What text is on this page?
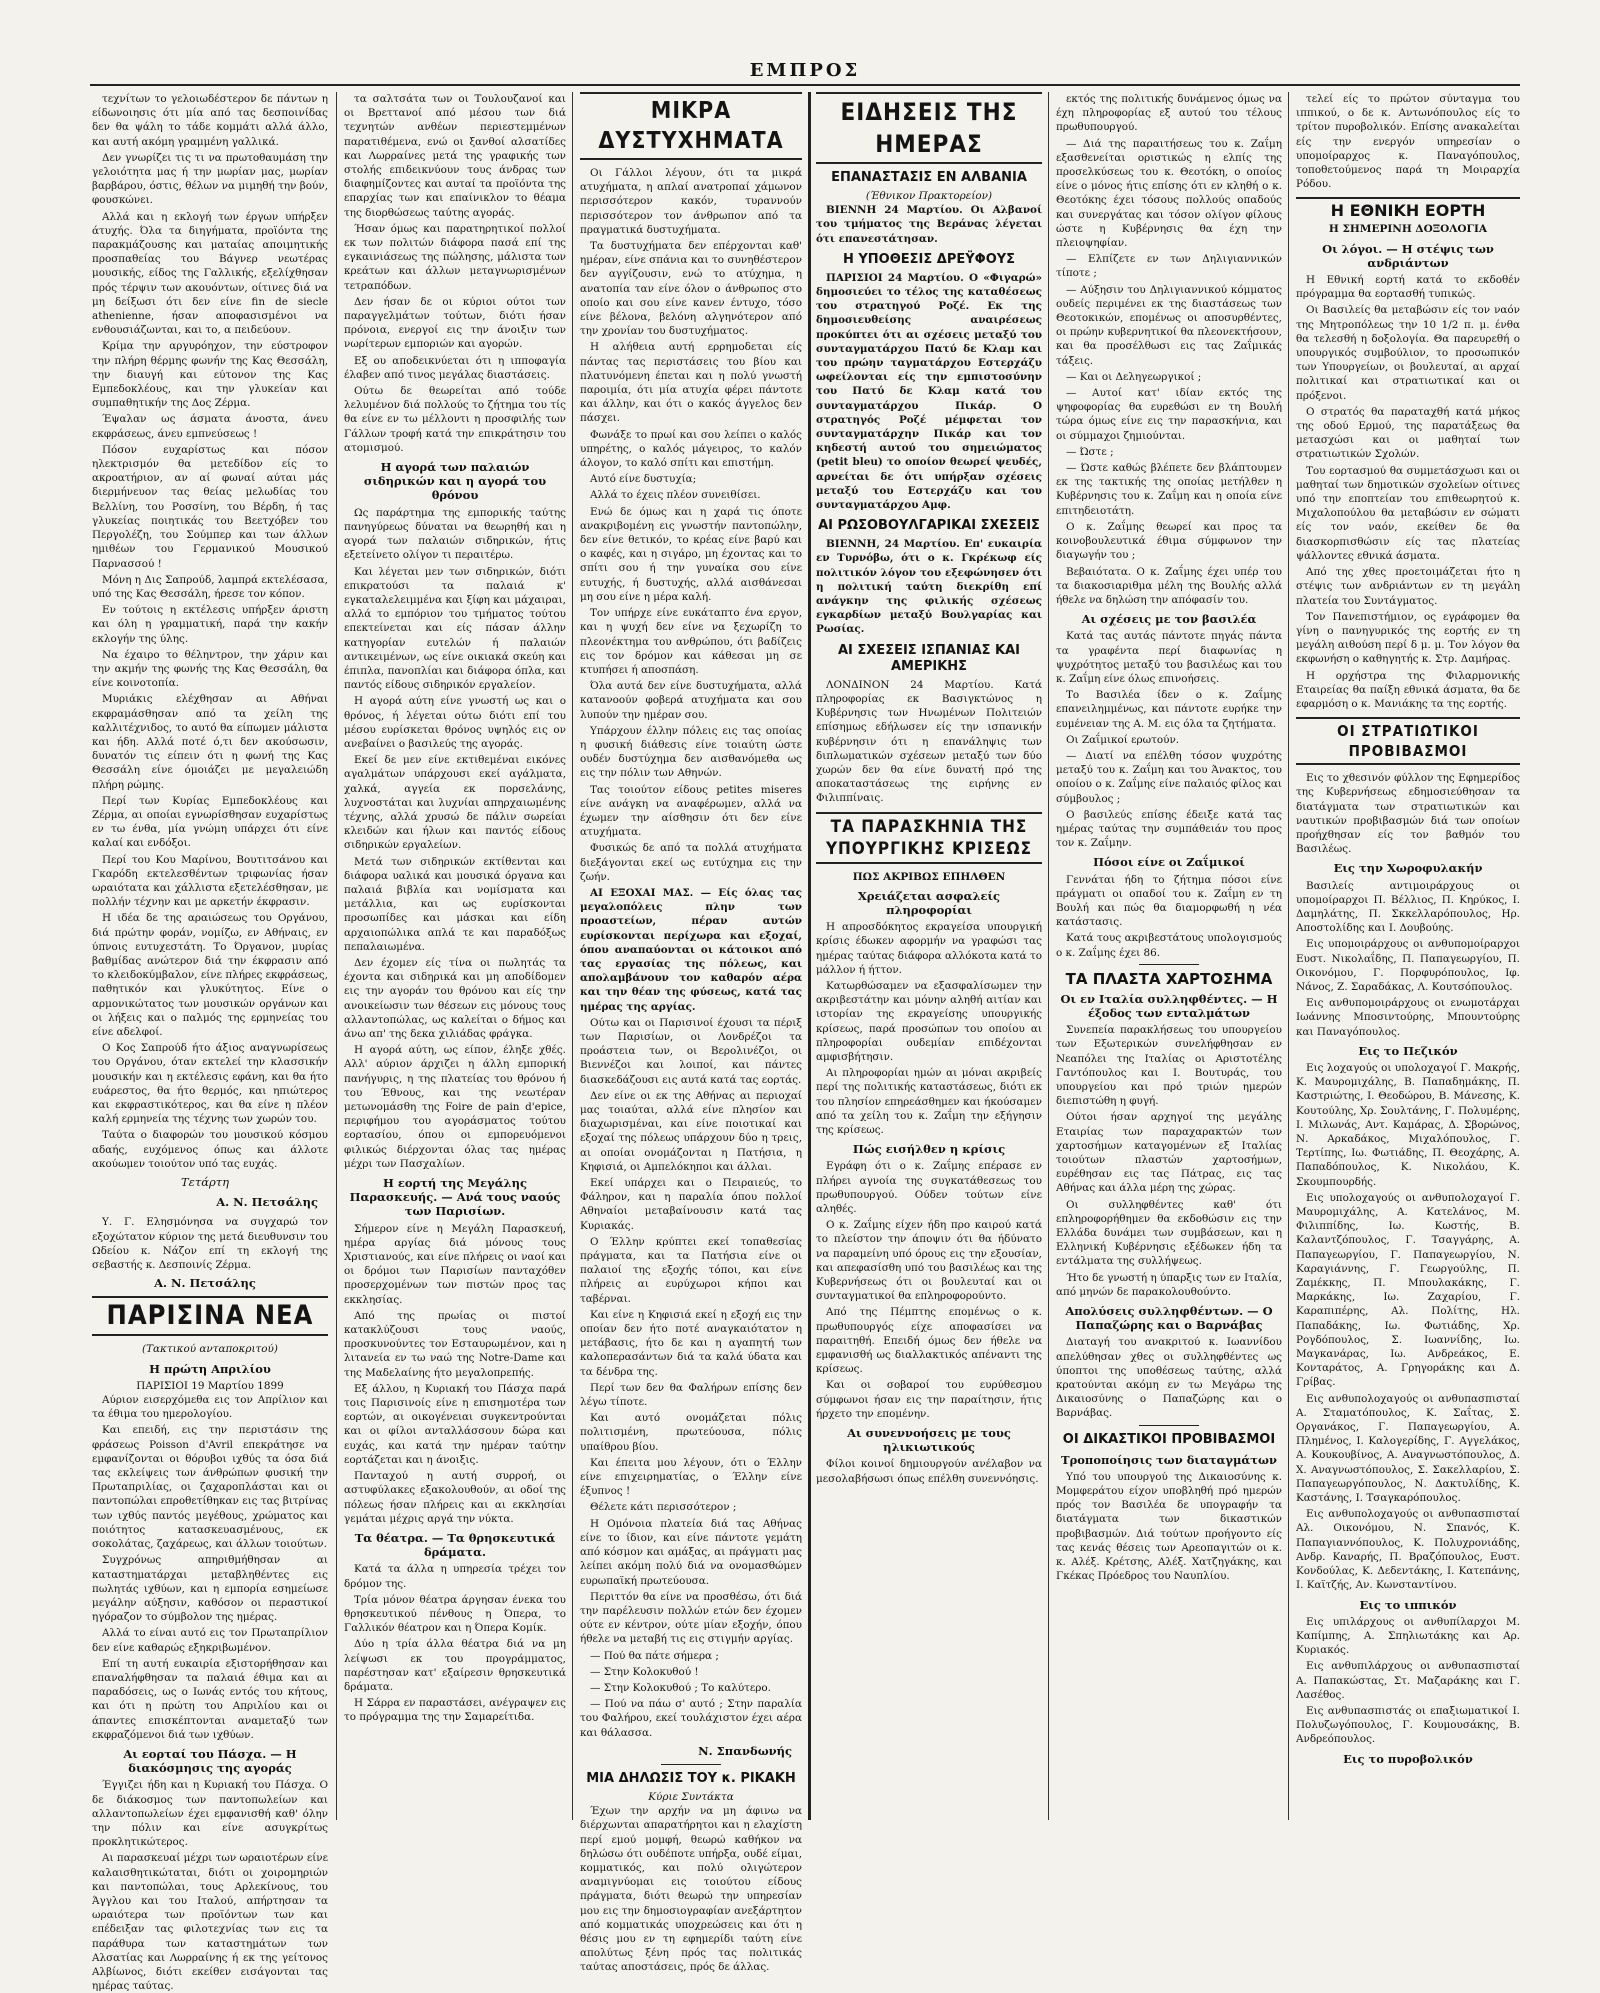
ΕΜΠΡΟΣ

τεχνίτων το γελοιωδέστερον δε πάντων η είδωνοιησις ότι μία από τας δεσποινίδας δεν θα ψάλη το τάδε κομμάτι αλλά άλλο, και αυτή ακόμη γραμμένη γαλλικά.

Δεν γνωρίζει τις τι να πρωτοθαυμάση την γελοιότητα μας ή την μωρίαν μας, μωρίαν βαρβάρου, όστις, θέλων να μιμηθή την βούν, φουσκώνει.

Αλλά και η εκλογή των έργων υπήρξεν άτυχής. Όλα τα διηγήματα, προϊόντα της παρακμάζουσης και ματαίας αποιμητικής προσπαθείας του Βάγνερ νεωτέρας μουσικής, είδος της Γαλλικής, εξελίχθησαν πρός τέρψιν των ακουόντων, οίτινες διά να μη δείξωσι ότι δεν είνε fin de siecle athenienne, ήσαν αποφασισμένοι να ενθουσιάζωνται, και το, α πειδεύουν.

Κρίμα την αργυρόηχον, την εύστροφον την πλήρη θέρμης φωνήν της Κας Θεσσάλη, την διαυγή και εύτονον της Κας Εμπεδοκλέους, και την γλυκείαν και συμπαθητικήν της Δος Ζέρμα.

Έψαλαν ως άσματα άνοστα, άνευ εκφράσεως, άνευ εμπνεύσεως !

Πόσον ευχαρίστως και πόσον ηλεκτρισμόν θα μετεδίδον είς το ακροατήριον, αν αί φωναί αύται μάς διερμήνευον τας θείας μελωδίας του Βελλίνη, του Ροσσίνη, του Βέρδη, ή τας γλυκείας ποιητικάς του Βεετχόβεν του Περγολέζη, του Σούμπερ και των άλλων ημιθέων του Γερμανικού Μουσικού Παρνασσού !

Μόνη η Δις Σαπρούδ, λαμπρά εκτελέσασα, υπό της Κας Θεσσάλη, ήρεσε τον κόπον.

Εν τούτοις η εκτέλεσις υπήρξεν άριστη και όλη η γραμματική, παρά την κακήν εκλογήν της ύλης.

Να έχαιρο το θέληντρον, την χάριν και την ακμήν της φωνής της Κας Θεσσάλη, θα είνε κοινοτοπία.

Μυριάκις ελέχθησαν αι Αθήναι εκφραμάσθησαν από τα χείλη της καλλιτέχνιδος, το αυτό θα είπωμεν μάλιστα και ήδη. Αλλά ποτέ ό,τι δεν ακούσωσιν, δυνατόν τις είπειν ότι η φωνή της Κας Θεσσάλη είνε όμοιάζει με μεγαλειώδη πλήρη ρώμης.

Περί των Κυρίας Εμπεδοκλέους και Ζέρμα, αι οποίαι εγνωρίσθησαν ευχαρίστως εν τω ένθα, μία γνώμη υπάρχει ότι είνε καλαί και ενδόξοι.

Περί του Κου Μαρίνου, Βουτιτσάνου και Γκαρόδη εκτελεσθέντων τριφωνίας ήσαν ωραιότατα και χάλλιστα εξετελέσθησαν, με πολλήν τέχνην και με αρκετήν έκφρασιν.

Η ιδέα δε της αραιώσεως του Οργάνου, διά πρώτην φοράν, νομίζω, εν Αθήναις, εν ύπνοις ευτυχεστάτη. Το Όργανον, μυρίας βαθμίδας ανώτερον διά την έκφρασιν από το κλειδοκύμβαλον, είνε πλήρες εκφράσεως, παθητικόν και γλυκύτητος. Είνε ο αρμονικώτατος των μουσικών οργάνων και οι λήξεις και ο παλμός της ερμηνείας του είνε αδελφοί.

Ο Κος Σαπρούδ ήτο άξιος αναγνωρίσεως του Οργάνου, όταν εκτελεί την κλασσικήν μουσικήν και η εκτέλεσις εφάνη, και θα ήτο ευάρεστος, θα ήτο θερμός, και ηπιώτερος και εκφραστικότερος, και θα είνε η πλέον καλή ερμηνεία της τέχνης των χωρών του.

Ταύτα ο διαφορών του μουσικού κόσμου αδαής, ευχόμενος όπως και άλλοτε ακούωμεν τοιούτον υπό τας ευχάς.

Τετάρτη
Α. Ν. Πετσάλης

Υ. Γ. Ελησμόνησα να συγχαρώ τον εξοχώτατον κύριον της μετά διευθυνσιν του Ωδείου κ. Νάζον επί τη εκλογή της σεβαστής κ. Δεσποινίς Ζέρμα.

Α. Ν. Πετσάλης
ΠΑΡΙΣΙΝΑ ΝΕΑ
(Τακτικού ανταποκριτού)
Η πρώτη Απριλίου
ΠΑΡΙΣΙΟΙ 19 Μαρτίου 1899

Αύριον εισερχόμεθα εις τον Απρίλιον και τα έθιμα του ημερολογίου.

Και επειδή, εις την περιστάσιν της φράσεως Poisson d'Avril επεκράτησε να εμφανίζονται οι θόρυβοι ιχθύς τα όσα διά τας εκλείψεις των άνθρώπων φυσική την Πρωταπριλίας, οι ζαχαροπλάσται και οι παντοπώλαι επροθετίθηκαν εις τας βιτρίνας των ιχθύς παντός μεγέθους, χρώματος και ποιότητος κατασκευασμένους, εκ σοκολάτας, ζαχάρεως, και άλλων τοιούτων.

Συγχρόνως απηριθμήθησαν αι καταστηματάρχαι μεταβληθέντες εις πωλητάς ιχθύων, και η εμπορία εσημείωσε μεγάλην αύξησιν, καθόσον οι περαστικοί ηγόραζον το σύμβολον της ημέρας.

Αλλά το είναι αυτό εις τον Πρωταπρίλιον δεν είνε καθαρώς εξηκριβωμένον.

Επί τη αυτή ευκαιρία εξιστορήθησαν και επαναλήφθησαν τα παλαιά έθιμα και αι παραδόσεις, ως ο Ιωνάς εντός του κήτους, και ότι η πρώτη του Απριλίου και οι άπαντες επισκέπτονται αναμεταξύ των εκφραζόμενοι διά των ιχθύων.

Αι εορταί του Πάσχα. — Η διακόσμησις της αγοράς

Έγγιζει ήδη και η Κυριακή του Πάσχα. Ο δε διάκοσμος των παντοπωλείων και αλλαντοπωλείων έχει εμφανισθή καθ' όλην την πόλιν και είνε ασυγκρίτως προκλητικώτερος.

Αι παρασκευαί μέχρι των ωραιοτέρων είνε καλαισθητικώταται, διότι οι χοιρομηριών και παντοπώλαι, τους Αρλεκίνους, του Άγγλου και του Ιταλού, απήρτησαν τα ωραιότερα των προϊόντων των και επέδειξαν τας φιλοτεχνίας των εις τα παράθυρα των καταστημάτων των Αλσατίας και Λωρραίνης ή εκ της γείτονος Αλβίωνος, διότι εκείθεν εισάγονται τας ημέρας ταύτας.

τα σαλτσάτα των οι Τουλουζανοί και οι Βρεττανοί από μέσου των διά τεχνητών ανθέων περιεστεμμένων παρατιθέμενα, ενώ οι ξανθοί αλσατίδες και Λωρραίνες μετά της γραφικής των στολής επιδεικνύουν τους άνδρας των διαφημίζοντες και αυταί τα προϊόντα της επαρχίας των και επαίνικλον το θέαμα της διορθώσεως ταύτης αγοράς.

Ήσαν όμως και παρατηρητικοί πολλοί εκ των πολιτών διάφορα πασά επί της εγκαινιάσεως της πώλησης, μάλιστα των κρεάτων και άλλων μεταγνωρισμένων τετραπόδων.

Δεν ήσαν δε οι κύριοι ούτοι των παραγγελμάτων τούτων, διότι ήσαν πρόνοια, ενεργοί εις την άνοιξιν των νωρίτερων εμποριών και αγορών.

Εξ ου αποδεικνύεται ότι η ιπποφαγία έλαβεν από τινος μεγάλας διαστάσεις.

Ούτω δε θεωρείται από τούδε λελυμένον διά πολλούς το ζήτημα του τίς θα είνε εν τω μέλλοντι η προσφιλής των Γάλλων τροφή κατά την επικράτησιν του ατομισμού.

Η αγορά των παλαιών σιδηρικών και η αγορά του θρόνου

Ως παράρτημα της εμπορικής ταύτης πανηγύρεως δύναται να θεωρηθή και η αγορά των παλαιών σιδηρικών, ήτις εξετείνετο ολίγον τι περαιτέρω.

Και λέγεται μεν των σιδηρικών, διότι επικρατούσι τα παλαιά κ' εγκαταλελειμμένα και ξίφη και μάχαιραι, αλλά το εμπόριον του τμήματος τούτου επεκτείνεται και είς πάσαν άλλην κατηγορίαν ευτελών ή παλαιών αντικειμένων, ως είνε οικιακά σκεύη και έπιπλα, πανοπλίαι και διάφορα όπλα, και παντός είδους σιδηρικόν εργαλείον.

Η αγορά αύτη είνε γνωστή ως και ο θρόνος, ή λέγεται ούτω διότι επί του μέσου ευρίσκεται θρόνος υψηλός εις ον ανεβαίνει ο βασιλεύς της αγοράς.

Εκεί δε μεν είνε εκτιθεμέναι εικόνες αγαλμάτων υπάρχουσι εκεί αγάλματα, χαλκά, αγγεία εκ πορσελάνης, λυχνοστάται και λυχνίαι απηρχαιωμένης τέχνης, αλλά χρυσώ δε πάλιν σωρείαι κλειδών και ήλων και παντός είδους σιδηρικών εργαλείων.

Μετά των σιδηρικών εκτίθενται και διάφορα υαλικά και μουσικά όργανα και παλαιά βιβλία και νομίσματα και μετάλλια, και ως ευρίσκονται προσωπίδες και μάσκαι και είδη αρχαιοπώλικα απλά τε και παραδόξως πεπαλαιωμένα.

Δεν έχομεν είς τίνα οι πωλητάς τα έχοντα και σιδηρικά και μη αποδίδομεν εις την αγοράν του θρόνου και είς την ανοικείωσιν των θέσεων εις μόνους τους αλλαντοπώλας, ως καλείται ο δήμος και άνω απ' της δεκα χιλιάδας φράγκα.

Η αγορά αύτη, ως είπον, έληξε χθές. Αλλ' αύριον άρχιζει η άλλη εμπορική πανήγυρις, η της πλατείας του θρόνου ή του Έθνους, και της νεωτέραν μετωνομάσθη της Foire de pain d'epice, περιφήμου του αγοράσματος τούτου εορτασίου, όπου οι εμπορευόμενοι φιλικώς διέρχονται όλας τας ημέρας μέχρι των Πασχαλίων.

Η εορτή της Μεγάλης Παρασκευής. — Ανά τους ναούς των Παρισίων.

Σήμερον είνε η Μεγάλη Παρασκευή, ημέρα αργίας διά μόνους τους Χριστιανούς, και είνε πλήρεις οι ναοί και οι δρόμοι των Παρισίων πανταχόθεν προσερχομένων των πιστών προς τας εκκλησίας.

Από της πρωίας οι πιστοί κατακλύζουσι τους ναούς, προσκυνούντες τον Εσταυρωμένον, και η λιτανεία εν τω ναώ της Notre-Dame και της Μαδελαίνης ήτο μεγαλοπρεπής.

Εξ άλλου, η Κυριακή του Πάσχα παρά τοις Παρισινοίς είνε η επισημοτέρα των εορτών, αι οικογένειαι συγκεντρούνται και οι φίλοι ανταλλάσσουν δώρα και ευχάς, και κατά την ημέραν ταύτην εορτάζεται και η άνοιξις.

Πανταχού η αυτή συρροή, οι αστυφύλακες εξακολουθούν, αι οδοί της πόλεως ήσαν πλήρεις και αι εκκλησίαι γεμάται μέχρις αργά την νύκτα.

Τα θέατρα. — Τα θρησκευτικά δράματα.

Κατά τα άλλα η υπηρεσία τρέχει τον δρόμον της.

Τρία μόνον θέατρα άργησαν ένεκα του θρησκευτικού πένθους η Όπερα, το Γαλλικόν θέατρον και η Όπερα Κομίκ.

Δύο η τρία άλλα θέατρα διά να μη λείψωσι εκ του προγράμματος, παρέστησαν κατ' εξαίρεσιν θρησκευτικά δράματα.

Η Σάρρα εν παραστάσει, ανέγραψεν εις το πρόγραμμα της την Σαμαρείτιδα.

ΜΙΚΡΑ ΔΥΣΤΥΧΗΜΑΤΑ

Οι Γάλλοι λέγουν, ότι τα μικρά ατυχήματα, η απλαί ανατροπαί χάμωνον περισσότερον κακόν, τυραννούν περισσότερον τον άνθρωπον από τα πραγματικά δυστυχήματα.

Τα δυστυχήματα δεν επέρχονται καθ' ημέραν, είνε σπάνια και το συνηθέστερον δεν αγγίζουσιν, ενώ το ατύχημα, η ανατοπία ταν είνε όλον ο άνθρωπος στο οποίο και σου είνε κανεν έντυχο, τόσο είνε βέλονα, βελόνη αλγηνότερον από την χρονίαν του δυστυχήματος.

Η αλήθεια αυτή ερρημοδεται είς πάντας τας περιστάσεις του βίου και πλατυνόμενη έπεται και η πολύ γνωστή παροιμία, ότι μία ατυχία φέρει πάντοτε και άλλην, και ότι ο κακός άγγελος δεν πάσχει.

Φωνάξε το πρωί και σου λείπει ο καλός υπηρέτης, ο καλός μάγειρος, το καλόν άλογον, το καλό σπίτι και επιστήμη.

Αυτό είνε δυστυχία;

Αλλά το έχεις πλέον συνειθίσει.

Ενώ δε όμως και η χαρά τις όποτε ανακριβομένη εις γνωστήν παντοπώλην, δεν είνε θετικόν, το κρέας είνε βαρύ και ο καφές, και η σιγάρο, μη έχοντας και το σπίτι σου ή την γυναίκα σου είνε ευτυχής, ή δυστυχής, αλλά αισθάνεσαι μη σου είνε η μέρα καλή.

Τον υπήρχε είνε ευκάταπτο ένα εργον, και η ψυχή δεν είνε να ξεχωρίζη το πλεονέκτημα του ανθρώπου, ότι βαδίζεις εις τον δρόμον και κάθεσαι μη σε κτυπήσει ή αποσπάση.

Όλα αυτά δεν είνε δυστυχήματα, αλλά κατανοούν φοβερά ατυχήματα και σου λυπούν την ημέραν σου.

Υπάρχουν έλλην πόλεις εις τας οποίας η φυσική διάθεσις είνε τοιαύτη ώστε ουδέν δυστύχημα δεν αισθανόμεθα ως εις την πόλιν των Αθηνών.

Τας τοιούτον είδους petites miseres είνε ανάγκη να αναφέρωμεν, αλλά να έχωμεν την αίσθησιν ότι δεν είνε ατυχήματα.

Φυσικώς δε από τα πολλά ατυχήματα διεξάγονται εκεί ως ευτύχημα εις την ζωήν.

ΑΙ ΕΞΟΧΑΙ ΜΑΣ. — Είς όλας τας μεγαλοπόλεις πλην των προαστείων, πέραν αυτών ευρίσκονται περίχωρα και εξοχαί, όπου αναπαύονται οι κάτοικοι από τας εργασίας της πόλεως, και απολαμβάνουν τον καθαρόν αέρα και την θέαν της φύσεως, κατά τας ημέρας της αργίας.

Ούτω και οι Παρισινοί έχουσι τα πέριξ των Παρισίων, οι Λονδρέζοι τα προάστεια των, οι Βερολινέζοι, οι Βιεννέζοι και λοιποί, και πάντες διασκεδάζουσι εις αυτά κατά τας εορτάς.

Δεν είνε οι εκ της Αθήνας αι περιοχαί μας τοιαύται, αλλά είνε πλησίον και διαχωρισμέναι, και είνε ποιοτικαί και εξοχαί της πόλεως υπάρχουν δύο η τρεις, αι οποίαι ονομάζονται η Πατήσια, η Κηφισιά, οι Αμπελόκηποι και άλλαι.

Εκεί υπάρχει και ο Πειραιεύς, το Φάληρον, και η παραλία όπου πολλοί Αθηναίοι μεταβαίνουσιν κατά τας Κυριακάς.

Ο Έλλην κρύπτει εκεί τοπαθεσίας πράγματα, και τα Πατήσια είνε οι παλαιοί της εξοχής τόποι, και είνε πλήρεις αι ευρύχωροι κήποι και ταβέρναι.

Και είνε η Κηφισιά εκεί η εξοχή εις την οποίαν δεν ήτο ποτέ αναγκαιότατον η μετάβασις, ήτο δε και η αγαπητή των καλοπερασάντων διά τα καλά ύδατα και τα δένδρα της.

Περί των δεν θα Φαλήρων επίσης δεν λέγω τίποτε.

Και αυτό ονομάζεται πόλις πολιτισμένη, πρωτεύουσα, πόλις υπαίθρου βίου.

Και έπειτα μου λέγουν, ότι ο Έλλην είνε επιχειρηματίας, ο Έλλην είνε έξυπνος !

Θέλετε κάτι περισσότερον ;

Η Ομόνοια πλατεία διά τας Αθήνας είνε το ίδιον, και είνε πάντοτε γεμάτη από κόσμον και αμάξας, αι πράγματι μας λείπει ακόμη πολύ διά να ονομασθώμεν ευρωπαϊκή πρωτεύουσα.

Περιττόν θα είνε να προσθέσω, ότι διά την παρέλευσιν πολλών ετών δεν έχομεν ούτε εν κέντρον, ούτε μίαν εξοχήν, όπου ήθελε να μεταβή τις εις στιγμήν αργίας.

— Πού θα πάτε σήμερα ;

— Στην Κολοκυθού !

— Στην Κολοκυθού ; Το καλύτερο.

— Πού να πάω σ' αυτό ; Στην παραλία του Φαλήρου, εκεί τουλάχιστον έχει αέρα και θάλασσα.

Ν. Σπανδωνής
ΜΙΑ ΔΗΛΩΣΙΣ ΤΟΥ κ. ΡΙΚΑΚΗ
Κύριε Συντάκτα

Έχων την αρχήν να μη άφινω να διέρχωνται απαρατήρητοι και η ελαχίστη περί εμού μομφή, θεωρώ καθήκον να δηλώσω ότι ουδέποτε υπήρξα, ουδέ είμαι, κομματικός, και πολύ ολιγώτερον αναμιγνύομαι εις τοιούτου είδους πράγματα, διότι θεωρώ την υπηρεσίαν μου εις την δημοσιογραφίαν ανεξάρτητον από κομματικάς υποχρεώσεις και ότι η θέσις μου εν τη εφημερίδι ταύτη είνε απολύτως ξένη πρός τας πολιτικάς ταύτας αποστάσεις, πρός δε άλλας.

ΕΙΔΗΣΕΙΣ ΤΗΣ ΗΜΕΡΑΣ
ΕΠΑΝΑΣΤΑΣΙΣ ΕΝ ΑΛΒΑΝΙΑ
(Έθνικον Πρακτορείον)

ΒΙΕΝΝΗ 24 Μαρτίου. Οι Αλβανοί του τμήματος της Βεράνας λέγεται ότι επανεστάτησαν.

Η ΥΠΟΘΕΣΙΣ ΔΡΕΫΦΟΥΣ

ΠΑΡΙΣΙΟΙ 24 Μαρτίου. Ο «Φιγαρώ» δημοσιεύει το τέλος της καταθέσεως του στρατηγού Ροζέ. Εκ της δημοσιευθείσης αναιρέσεως προκύπτει ότι αι σχέσεις μεταξύ του συνταγματάρχου Πατύ δε Κλαμ και του πρώην ταγματάρχου Εστερχάζυ ωφείλονται είς την εμπιστοσύνην του Πατύ δε Κλαμ κατά του συνταγματάρχου Πικάρ. Ο στρατηγός Ροζέ μέμφεται τον συνταγματάρχην Πικάρ και τον κηδεστή αυτού του σημειώματος (petit bleu) το οποίον θεωρεί ψευδές, αρνείται δε ότι υπήρξαν σχέσεις μεταξύ του Εστερχάζυ και του συνταγματάρχου Αμφ.

ΑΙ ΡΩΣΟΒΟΥΛΓΑΡΙΚΑΙ ΣΧΕΣΕΙΣ

ΒΙΕΝΝΗ, 24 Μαρτίου. Επ' ευκαιρία εν Τυρνόβω, ότι ο κ. Γκρέκωφ είς πολιτικόν λόγον του εξεφώνησεν ότι η πολιτική ταύτη διεκρίθη επί ανάγκην της φιλικής σχέσεως εγκαρδίων μεταξύ Βουλγαρίας και Ρωσίας.

ΑΙ ΣΧΕΣΕΙΣ ΙΣΠΑΝΙΑΣ ΚΑΙ ΑΜΕΡΙΚΗΣ

ΛΟΝΔΙΝΟΝ 24 Μαρτίου. Κατά πληροφορίας εκ Βασιγκτώνος η Κυβέρνησις των Ηνωμένων Πολιτειών επίσημως εδήλωσεν είς την ισπανικήν κυβέρνησιν ότι η επανάληψις των διπλωματικών σχέσεων μεταξύ των δύο χωρών δεν θα είνε δυνατή πρό της αποκαταστάσεως της ειρήνης εν Φιλιππίναις.

ΤΑ ΠΑΡΑΣΚΗΝΙΑ ΤΗΣ ΥΠΟΥΡΓΙΚΗΣ ΚΡΙΣΕΩΣ
ΠΩΣ ΑΚΡΙΒΩΣ ΕΠΗΛΘΕΝ
Χρειάζεται ασφαλείς πληροφορίαι

Η απροσδόκητος εκραγείσα υπουργική κρίσις έδωκεν αφορμήν να γραφώσι τας ημέρας ταύτας διάφορα αλλόκοτα κατά το μάλλον ή ήττον.

Κατωρθώσαμεν να εξασφαλίσωμεν την ακριβεστάτην και μόνην αληθή αιτίαν και ιστορίαν της εκραγείσης υπουργικής κρίσεως, παρά προσώπων του οποίου αι πληροφορίαι ουδεμίαν επιδέχονται αμφισβήτησιν.

Αι πληροφορίαι ημών αι μόναι ακριβείς περί της πολιτικής καταστάσεως, διότι εκ του πλησίον επηρεάσθημεν και ήκούσαμεν από τα χείλη του κ. Ζαΐμη την εξήγησιν της κρίσεως.

Πώς εισήλθεν η κρίσις

Εγράφη ότι ο κ. Ζαΐμης επέρασε εν πλήρει αγνοία της συγκατάθεσεως του πρωθυπουργού. Ούδεν τούτων είνε αληθές.

Ο κ. Ζαΐμης είχεν ήδη προ καιρού κατά το πλείστον την άποψιν ότι θα ήδύνατο να παραμείνη υπό όρους εις την εξουσίαν, και απεφασίσθη υπό του βασιλέως και της Κυβερνήσεως ότι οι βουλευταί και οι συνταγματικοί θα επληροφορούντο.

Από της Πέμπτης επομένως ο κ. πρωθυπουργός είχε αποφασίσει να παραιτηθή. Επειδή όμως δεν ήθελε να εμφανισθή ως διαλλακτικός απέναντι της κρίσεως.

Και οι σοβαροί του ευρύθεσμου σύμφωνοι ήσαν εις την παραίτησιν, ήτις ήρχετο την επομένην.

Αι συνεννοήσεις με τους ηλικιωτικούς

Φίλοι κοινοί δημιουργούν ανέλαβον να μεσολαβήσωσι όπως επέλθη συνεννόησις.

εκτός της πολιτικής δυνάμενος όμως να έχη πληροφορίας εξ αυτού του τέλους πρωθυπουργού.

— Διά της παραιτήσεως του κ. Ζαΐμη εξασθενείται οριστικώς η ελπίς της προσελκύσεως του κ. Θεοτόκη, ο οποίος είνε ο μόνος ήτις επίσης ότι εν κληθή ο κ. Θεοτόκης έχει τόσους πολλούς οπαδούς και συνεργάτας και τόσον ολίγον φίλους ώστε η Κυβέρνησις θα έχη την πλειοψηφίαν.

— Ελπίζετε εν των Δηλιγιαννικών τίποτε ;

— Αύξησιν του Δηλιγιαννικού κόμματος ουδείς περιμένει εκ της διαστάσεως των Θεοτοκικών, επομένως οι αποσυρθέντες, οι πρώην κυβερνητικοί θα πλεονεκτήσουν, και θα προσέλθωσι εις τας Ζαΐμικάς τάξεις.

— Και οι Δεληγεωργικοί ;

— Αυτοί κατ' ιδίαν εκτός της ψηφοφορίας θα ευρεθώσι εν τη Βουλή τώρα όμως είνε εις την παρασκήνια, και οι σύμμαχοι ζημιούνται.

— Ώστε ;

— Ώστε καθώς βλέπετε δεν βλάπτουμεν εκ της τακτικής της οποίας μετήλθεν η Κυβέρνησις του κ. Ζαΐμη και η οποία είνε επιτηδειοτάτη.

Ο κ. Ζαΐμης θεωρεί και προς τα κοινοβουλευτικά έθιμα σύμφωνον την διαγωγήν του ;

Βεβαιότατα. Ο κ. Ζαΐμης έχει υπέρ του τα διακοσιαριθμα μέλη της Βουλής αλλά ήθελε να δηλώση την απόφασίν του.

Αι σχέσεις με τον βασιλέα

Κατά τας αυτάς πάντοτε πηγάς πάντα τα γραφέντα περί διαφωνίας η ψυχρότητος μεταξύ του βασιλέως και του κ. Ζαΐμη είνε όλως επινοήσεις.

Το Βασιλέα ίδεν ο κ. Ζαΐμης επανειλημμένως, και πάντοτε ευρήκε την ευμένειαν της Α. Μ. εις όλα τα ζητήματα.

Οι Ζαΐμικοί ερωτούν.

— Διατί να επέλθη τόσον ψυχρότης μεταξύ του κ. Ζαΐμη και του Άνακτος, του οποίου ο κ. Ζαΐμης είνε παλαιός φίλος και σύμβουλος ;

Ο βασιλεύς επίσης έδειξε κατά τας ημέρας ταύτας την συμπάθειάν του προς τον κ. Ζαΐμην.

Πόσοι είνε οι Ζαΐμικοί

Γεννάται ήδη το ζήτημα πόσοι είνε πράγματι οι οπαδοί του κ. Ζαΐμη εν τη Βουλή και πώς θα διαμορφωθή η νέα κατάστασις.

Κατά τους ακριβεστάτους υπολογισμούς ο κ. Ζαΐμης έχει 86.

ΤΑ ΠΛΑΣΤΑ ΧΑΡΤΟΣΗΜΑ
Οι εν Ιταλία συλληφθέντες. — Η έξοδος των ενταλμάτων

Συνεπεία παρακλήσεως του υπουργείου των Εξωτερικών συνελήφθησαν εν Νεαπόλει της Ιταλίας οι Αριστοτέλης Γαντόπουλος και Ι. Βουτυράς, του υπουργείου και πρό τριών ημερών διεπιστώθη η φυγή.

Ούτοι ήσαν αρχηγοί της μεγάλης Εταιρίας των παραχαρακτών των χαρτοσήμων καταγομένων εξ Ιταλίας τοιούτων πλαστών χαρτοσήμων, ευρέθησαν εις τας Πάτρας, εις τας Αθήνας και άλλα μέρη της χώρας.

Οι συλληφθέντες καθ' ότι επληροφορήθημεν θα εκδοθώσιν εις την Ελλάδα δυνάμει των συμβάσεων, και η Ελληνική Κυβέρνησις εξέδωκεν ήδη τα εντάλματα της συλλήψεως.

Ήτο δε γνωστή η ύπαρξις των εν Ιταλία, από μηνών δε παρακολουθούντο.

Απολύσεις συλληφθέντων. — Ο Παπαζώρης και ο Βαρνάβας

Διαταγή του ανακριτού κ. Ιωαννίδου απελύθησαν χθες οι συλληφθέντες ως ύποπτοι της υποθέσεως ταύτης, αλλά κρατούνται ακόμη εν τω Μεγάρω της Δικαιοσύνης ο Παπαζώρης και ο Βαρνάβας.

ΟΙ ΔΙΚΑΣΤΙΚΟΙ ΠΡΟΒΙΒΑΣΜΟΙ
Τροποποίησις των διαταγμάτων

Υπό του υπουργού της Δικαιοσύνης κ. Μομφεράτου είχον υποβληθή πρό ημερών πρός τον Βασιλέα δε υπογραφήν τα διατάγματα των δικαστικών προβιβασμών. Διά τούτων προήγοντο είς τας κενάς θέσεις των Αρεοπαγιτών οι κ. κ. Αλέξ. Κρέτσης, Αλέξ. Χατζηγάκης, και Γκέκας Πρόεδρος του Ναυπλίου.

τελεί είς το πρώτον σύνταγμα του ιππικού, ο δε κ. Αντωνόπουλος είς το τρίτον πυροβολικόν. Επίσης ανακαλείται είς την ενεργόν υπηρεσίαν ο υπομοίραρχος κ. Παναγόπουλος, τοποθετούμενος παρά τη Μοιραρχία Ρόδου.

Η ΕΘΝΙΚΗ ΕΟΡΤΗ
Η ΣΗΜΕΡΙΝΗ ΔΟΞΟΛΟΓΙΑ
Οι λόγοι. — Η στέψις των ανδριάντων

Η Εθνική εορτή κατά το εκδοθέν πρόγραμμα θα εορτασθή τυπικώς.

Οι Βασιλείς θα μεταβώσιν είς τον ναόν της Μητροπόλεως την 10 1/2 π. μ. ένθα θα τελεσθή η δοξολογία. Θα παρευρεθή ο υπουργικός συμβούλιον, το προσωπικόν των Υπουργείων, οι βουλευταί, αι αρχαί πολιτικαί και στρατιωτικαί και οι πρόξενοι.

Ο στρατός θα παραταχθή κατά μήκος της οδού Ερμού, της παρατάξεως θα μετασχώσι και οι μαθηταί των στρατιωτικών Σχολών.

Του εορτασμού θα συμμετάσχωσι και οι μαθηταί των δημοτικών σχολείων οίτινες υπό την εποπτείαν του επιθεωρητού κ. Μιχαλοπούλου θα μεταβώσιν εν σώματι είς τον ναόν, εκείθεν δε θα διασκορπισθώσιν είς τας πλατείας ψάλλοντες εθνικά άσματα.

Από της χθες προετοιμάζεται ήτο η στέψις των ανδριάντων εν τη μεγάλη πλατεία του Συντάγματος.

Τον Πανεπιστήμιον, ος εγράφομεν θα γίνη ο πανηγυρικός της εορτής εν τη μεγάλη αιθούση περί δ μ. μ. Τον λόγον θα εκφωνήση ο καθηγητής κ. Στρ. Δαμήρας.

Η ορχήστρα της Φιλαρμονικής Εταιρείας θα παίξη εθνικά άσματα, θα δε εφαρμόση ο κ. Μανιάκης τα της εορτής.

ΟΙ ΣΤΡΑΤΙΩΤΙΚΟΙ ΠΡΟΒΙΒΑΣΜΟΙ

Εις το χθεσινόν φύλλον της Εφημερίδος της Κυβερνήσεως εδημοσιεύθησαν τα διατάγματα των στρατιωτικών και ναυτικών προβιβασμών διά των οποίων προήχθησαν είς τον βαθμόν του Βασιλέως.

Εις την Χωροφυλακήν

Βασιλείς αντιμοιράρχους οι υπομοίραρχοι Π. Βέλλιος, Π. Κηρύκος, Ι. Δαμηλάτης, Π. Σκκελλαρόπουλος, Ηρ. Αποστολίδης και Ι. Δουβούης.

Εις υπομοιράρχους οι ανθυπομοίραρχοι Ευστ. Νικολαΐδης, Π. Παπαγεωργίου, Π. Οικονόμου, Γ. Πορφυρόπουλος, Ιφ. Νάνος, Ζ. Σαραδάκας, Λ. Κουτσόπουλος.

Εις ανθυπομοιράρχους οι ενωμοτάρχαι Ιωάννης Μποσιντούρης, Μπουντούρης και Παναγόπουλος.

Εις το Πεζικόν

Εις λοχαγούς οι υπολοχαγοί Γ. Μακρής, Κ. Μαυρομιχάλης, Β. Παπαδημάκης, Π. Καστριώτης, Ι. Θεοδώρου, Β. Μάνεσης, Κ. Κουτούλης, Χρ. Σουλτάνης, Γ. Πολυμέρης, Ι. Μιλωνάς, Αντ. Καμάρας, Δ. Σβορώνος, Ν. Αρκαδάκος, Μιχαλόπουλος, Γ. Τερτίπης, Ιω. Φωτιάδης, Π. Θεοχάρης, Α. Παπαδόπουλος, Κ. Νικολάου, Κ. Σκουμπουρδής.

Εις υπολοχαγούς οι ανθυπολοχαγοί Γ. Μαυρομιχάλης, Α. Κατελάνος, Μ. Φιλιππίδης, Ιω. Κωστής, Β. Καλαντζόπουλος, Γ. Τσαγγάρης, Α. Παπαγεωργίου, Γ. Παπαγεωργίου, Ν. Καραγιάννης, Γ. Γεωργούλης, Π. Ζαμέκκης, Π. Μπουλακάκης, Γ. Μαρκάκης, Ιω. Ζαχαρίου, Γ. Καραπιπέρης, Αλ. Πολίτης, Ηλ. Παπαδάκης, Ιω. Φωτιάδης, Χρ. Ρογδόπουλος, Σ. Ιωαννίδης, Ιω. Μαγκανάρας, Ιω. Ανδρεάκος, Ε. Κονταράτος, Α. Γρηγοράκης και Δ. Γρίβας.

Εις ανθυπολοχαγούς οι ανθυπασπισταί Α. Σταματόπουλος, Κ. Σαΐτας, Σ. Οργανάκος, Γ. Παπαγεωργίου, Α. Πλημένος, Ι. Καλογερίδης, Γ. Αγγελάκος, Α. Κουκουβίνος, Α. Αναγνωστόπουλος, Δ. Χ. Αναγνωστόπουλος, Σ. Σακελλαρίου, Σ. Παπαγεωργόπουλος, Ν. Δακτυλίδης, Κ. Καστάνης, Ι. Τσαγκαρόπουλος.

Εις ανθυπολοχαγούς οι ανθυπασπισταί Αλ. Οικονόμου, Ν. Σπανός, Κ. Παπαγιαννόπουλος, Κ. Πολυχρονιάδης, Ανδρ. Καναρής, Π. Βραζόπουλος, Ευστ. Κονδούλας, Κ. Δεδεντάκης, Ι. Κατεπάνης, Ι. Καϊτζής, Αν. Κωνσταντίνου.

Εις το ιππικόν

Εις υπιλάρχους οι ανθυπίλαρχοι Μ. Καπίμπης, Α. Σπηλιωτάκης και Αρ. Κυριακός.

Εις ανθυπιλάρχους οι ανθυπασπισταί Α. Παπακώστας, Στ. Μαζαράκης και Γ. Λασέθος.

Εις ανθυπασπιστάς οι επαξιωματικοί Ι. Πολυζωγόπουλος, Γ. Κουμουσάκης, Β. Ανδρεόπουλος.

Εις το πυροβολικόν
